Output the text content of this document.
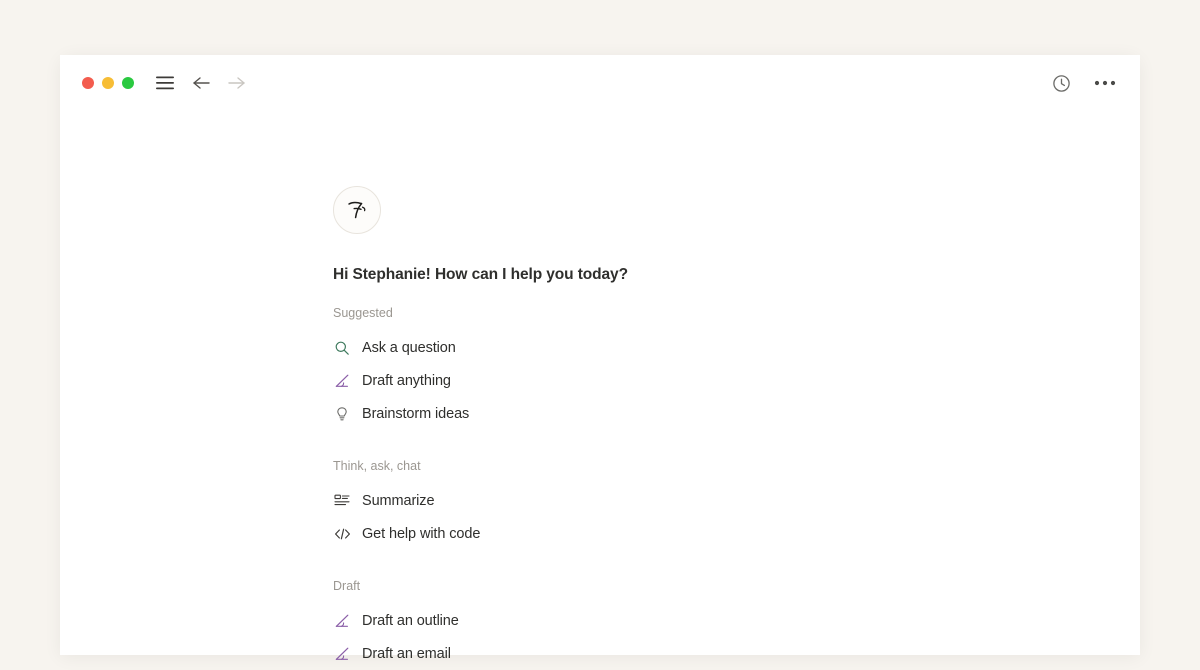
Hi Stephanie! How can I help you today?
Suggested
Ask a question
Draft anything
Brainstorm ideas
Think, ask, chat
Summarize
Get help with code
Draft
Draft an outline
Draft an email
